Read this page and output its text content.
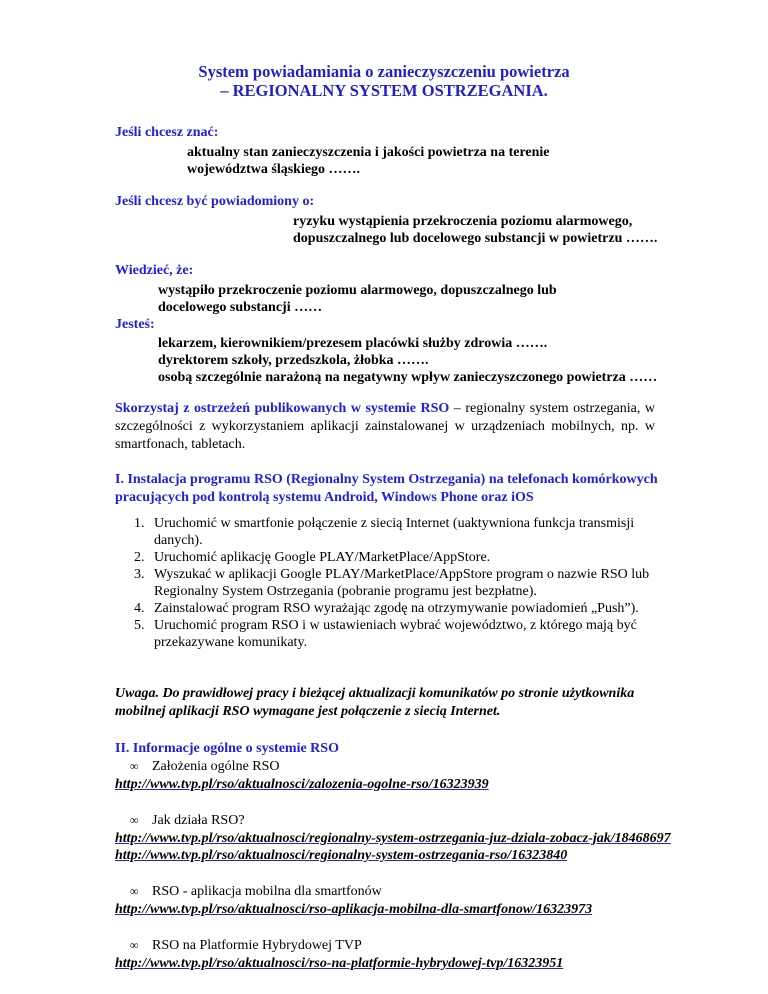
System powiadamiania o zanieczyszczeniu powietrza
– REGIONALNY SYSTEM OSTRZEGANIA.
Jeśli chcesz znać:
aktualny stan zanieczyszczenia i jakości powietrza na terenie
województwa śląskiego …….
Jeśli chcesz być powiadomiony o:
ryzyku wystąpienia przekroczenia poziomu alarmowego,
dopuszczalnego lub docelowego substancji w powietrzu …….
Wiedzieć, że:
wystąpiło przekroczenie poziomu alarmowego, dopuszczalnego lub
docelowego substancji ……
Jesteś:
lekarzem, kierownikiem/prezesem placówki służby zdrowia …….
dyrektorem szkoły, przedszkola, żłobka …….
osobą szczególnie narażoną na negatywny wpływ zanieczyszczonego powietrza ……
Skorzystaj z ostrzeżeń publikowanych w systemie RSO – regionalny system ostrzegania, w szczególności z wykorzystaniem aplikacji zainstalowanej w urządzeniach mobilnych, np. w smartfonach, tabletach.
I. Instalacja programu RSO (Regionalny System Ostrzegania) na telefonach komórkowych
pracujących pod kontrolą systemu Android, Windows Phone oraz iOS
1. Uruchomić w smartfonie połączenie z siecią Internet (uaktywniona funkcja transmisji danych).
2. Uruchomić aplikację Google PLAY/MarketPlace/AppStore.
3. Wyszukać w aplikacji Google PLAY/MarketPlace/AppStore program o nazwie RSO lub Regionalny System Ostrzegania (pobranie programu jest bezpłatne).
4. Zainstalować program RSO wyrażając zgodę na otrzymywanie powiadomień „Push”).
5. Uruchomić program RSO i w ustawieniach wybrać województwo, z którego mają być przekazywane komunikaty.
Uwaga. Do prawidłowej pracy i bieżącej aktualizacji komunikatów po stronie użytkownika mobilnej aplikacji RSO wymagane jest połączenie z siecią Internet.
II. Informacje ogólne o systemie RSO
∞ Założenia ogólne RSO
http://www.tvp.pl/rso/aktualnosci/zalozenia-ogolne-rso/16323939
∞ Jak działa RSO?
http://www.tvp.pl/rso/aktualnosci/regionalny-system-ostrzegania-juz-dziala-zobacz-jak/18468697
http://www.tvp.pl/rso/aktualnosci/regionalny-system-ostrzegania-rso/16323840
∞ RSO - aplikacja mobilna dla smartfonów
http://www.tvp.pl/rso/aktualnosci/rso-aplikacja-mobilna-dla-smartfonow/16323973
∞ RSO na Platformie Hybrydowej TVP
http://www.tvp.pl/rso/aktualnosci/rso-na-platformie-hybrydowej-tvp/16323951
